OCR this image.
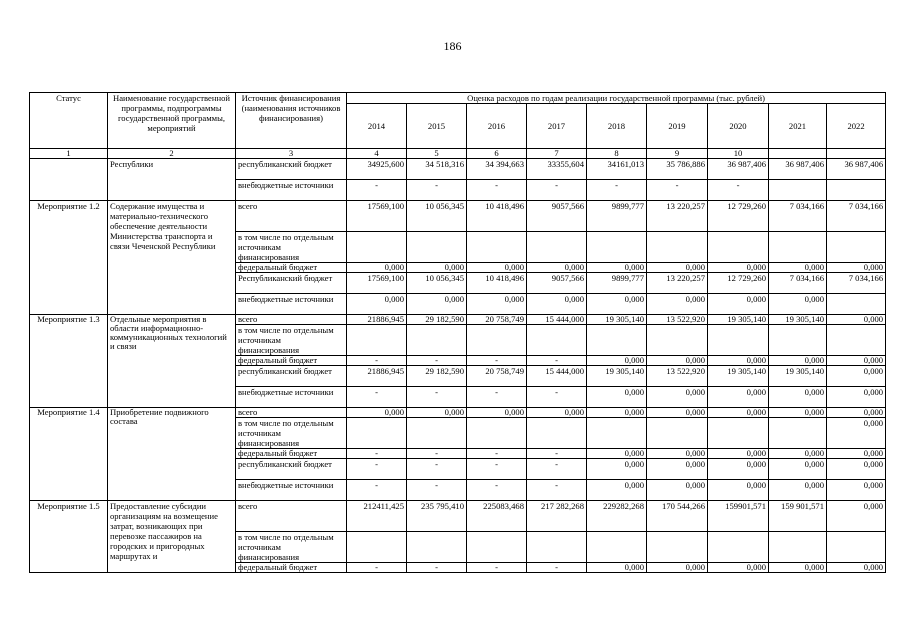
186
Статус	Наименование государственной программы, подпрограммы государственной программы, мероприятий	Источник финансирования (наименования источников финансирования)	Оценка расходов по годам реализации государственной программы (тыс. рублей)								
			2014	2015	2016	2017	2018	2019	2020	2021	2022
1	2	3	4	5	6	7	8	9	10		
	Республики	республиканский бюджет	34925,600	34 518,316	34 394,663	33355,604	34161,013	35 786,886	36 987,406	36 987,406	36 987,406
		внебюджетные источники	-	-	-	-	-	-	-		
Мероприятие 1.2	Содержание имущества и материально-технического обеспечение деятельности Министерства транспорта и связи Чеченской Республики	всего	17569,100	10 056,345	10 418,496	9057,566	9899,777	13 220,257	12 729,260	7 034,166	7 034,166
		в том числе по отдельным источникам финансирования									
		федеральный бюджет	0,000	0,000	0,000	0,000	0,000	0,000	0,000	0,000	0,000
		Республиканский бюджет	17569,100	10 056,345	10 418,496	9057,566	9899,777	13 220,257	12 729,260	7 034,166	7 034,166
		внебюджетные источники	0,000	0,000	0,000	0,000	0,000	0,000	0,000	0,000	
Мероприятие 1.3	Отдельные мероприятия в области информационно-коммуникационных технологий и связи	всего	21886,945	29 182,590	20 758,749	15 444,000	19 305,140	13 522,920	19 305,140	19 305,140	0,000
		в том числе по отдельным источникам финансирования									
		федеральный бюджет	-	-	-	-	0,000	0,000	0,000	0,000	0,000
		республиканский бюджет	21886,945	29 182,590	20 758,749	15 444,000	19 305,140	13 522,920	19 305,140	19 305,140	0,000
		внебюджетные источники	-	-	-	-	0,000	0,000	0,000	0,000	0,000
Мероприятие 1.4	Приобретение подвижного состава	всего	0,000	0,000	0,000	0,000	0,000	0,000	0,000	0,000	0,000
		в том числе по отдельным источникам финансирования									0,000
		федеральный бюджет	-	-	-	-	0,000	0,000	0,000	0,000	0,000
		республиканский бюджет	-	-	-	-	0,000	0,000	0,000	0,000	0,000
		внебюджетные источники	-	-	-	-	0,000	0,000	0,000	0,000	0,000
Мероприятие 1.5	Предоставление субсидии организациям на возмещение затрат, возникающих при перевозке пассажиров на городских и пригородных маршрутах и	всего	212411,425	235 795,410	225083,468	217 282,268	229282,268	170 544,266	159901,571	159 901,571	0,000
		в том числе по отдельным источникам финансирования									
		федеральный бюджет	-	-	-	-	0,000	0,000	0,000	0,000	0,000
